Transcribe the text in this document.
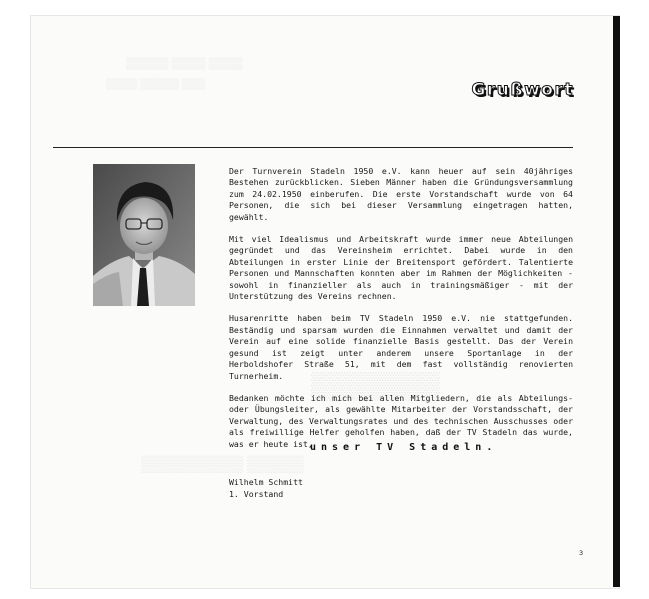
▒▒▒▒▒ ▒▒▒▒ ▒▒▒▒
▒▒▒▒ ▒▒▒▒▒ ▒▒▒
▒▒▒▒▒▒▒
▒▒▒▒▒▒▒▒▒ ▒▒▒▒▒
Grußwort

Der Turnverein Stadeln 1950 e.V. kann heuer auf sein 40jähriges Bestehen zurückblicken. Sieben Männer haben die Gründungsversammlung zum 24.02.1950 einberufen. Die erste Vorstandschaft wurde von 64 Personen, die sich bei dieser Versammlung eingetragen hatten, gewählt.

Mit viel Idealismus und Arbeitskraft wurde immer neue Abteilungen gegründet und das Vereinsheim errichtet. Dabei wurde in den Abteilungen in erster Linie der Breitensport gefördert. Talentierte Personen und Mannschaften konnten aber im Rahmen der Möglichkeiten - sowohl in finanzieller als auch in trainingsmäßiger - mit der Unterstützung des Vereins rechnen.

Husarenritte haben beim TV Stadeln 1950 e.V. nie stattgefunden. Beständig und sparsam wurden die Einnahmen verwaltet und damit der Verein auf eine solide finanzielle Basis gestellt. Das der Verein gesund ist zeigt unter anderem unsere Sportanlage in der Herboldshofer Straße 51, mit dem fast vollständig renovierten Turnerheim.

Bedanken möchte ich mich bei allen Mitgliedern, die als Abteilungs- oder Übungsleiter, als gewählte Mitarbeiter der Vorstandsschaft, der Verwaltung, des Verwaltungsrates und des technischen Ausschusses oder als freiwillige Helfer geholfen haben, daß der TV Stadeln das wurde, was er heute ist,

unser TV Stadeln.
Wilhelm Schmitt
1. Vorstand
3
